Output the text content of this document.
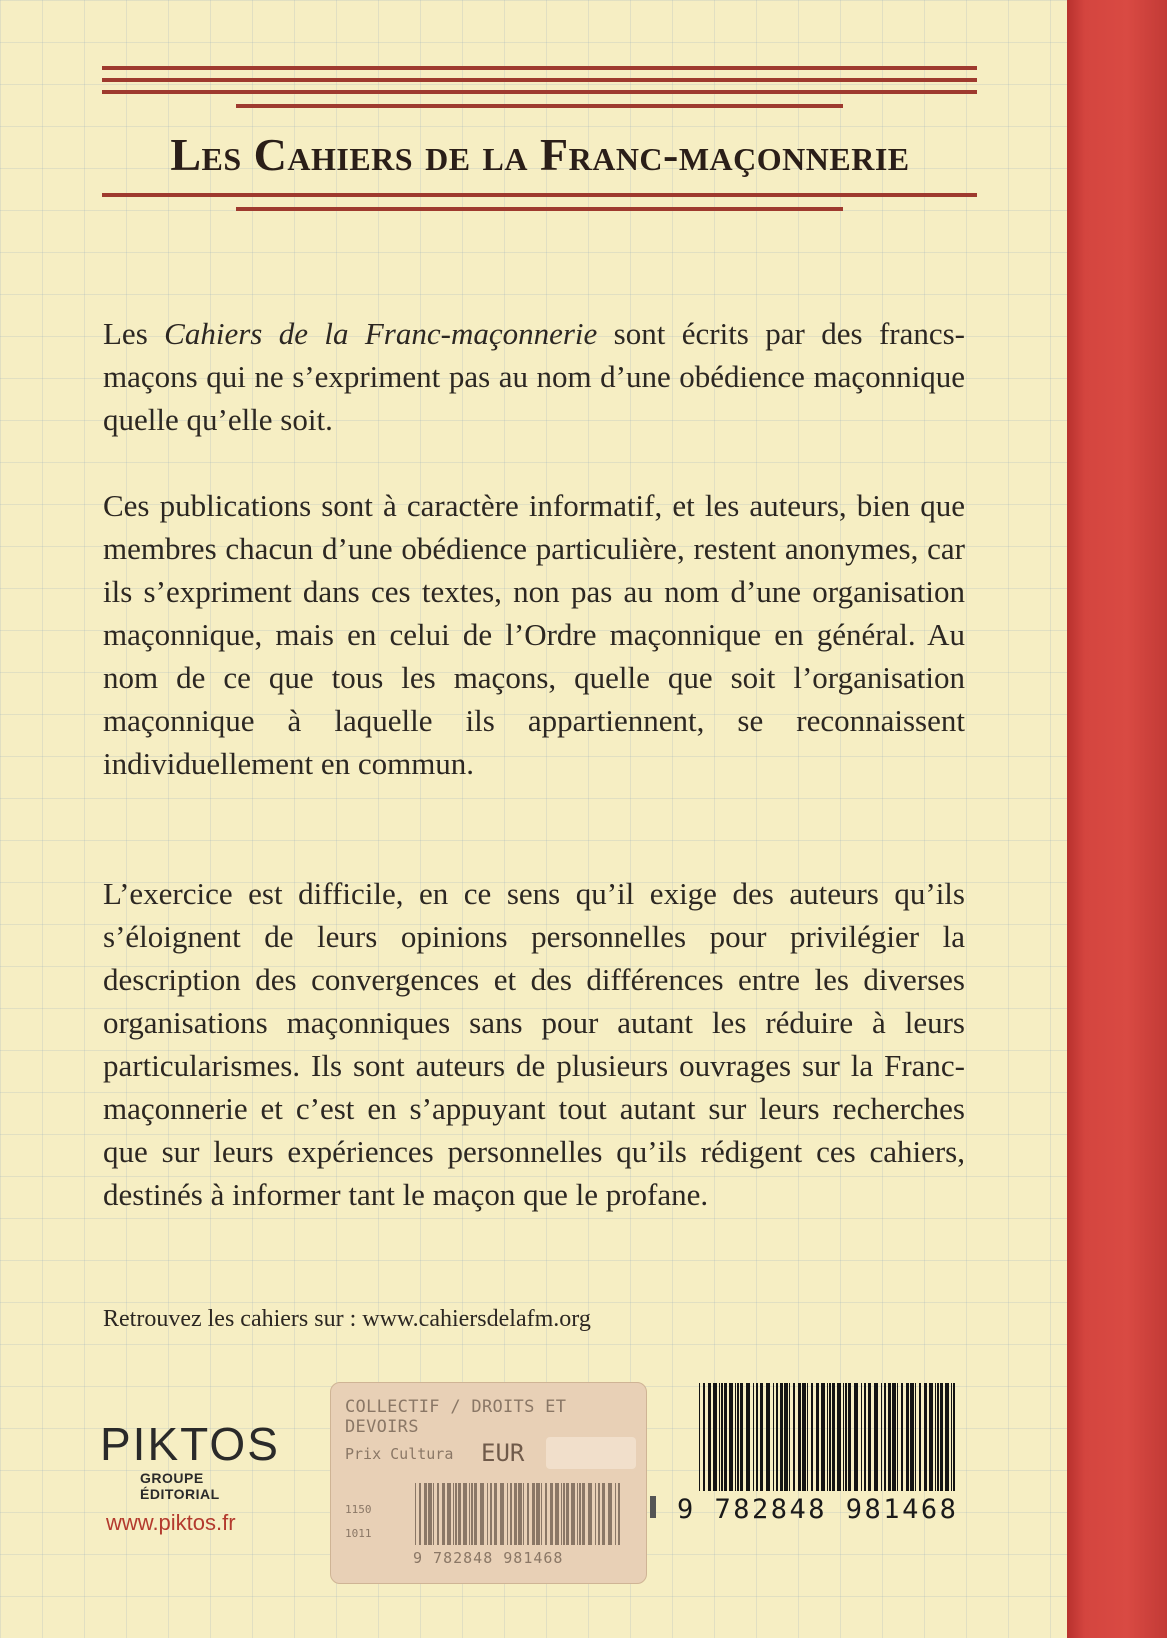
Les Cahiers de la Franc-maçonnerie

Les Cahiers de la Franc-maçonnerie sont écrits par des francs-maçons qui ne s’expriment pas au nom d’une obédience maçonnique quelle qu’elle soit.

Ces publications sont à caractère informatif, et les auteurs, bien que membres chacun d’une obédience particulière, restent anonymes, car ils s’expriment dans ces textes, non pas au nom d’une organisation maçonnique, mais en celui de l’Ordre maçonnique en général. Au nom de ce que tous les maçons, quelle que soit l’organisation maçonnique à laquelle ils appartiennent, se reconnaissent individuellement en commun.

L’exercice est difficile, en ce sens qu’il exige des auteurs qu’ils s’éloignent de leurs opinions personnelles pour privilégier la description des convergences et des différences entre les diverses organisations maçonniques sans pour autant les réduire à leurs particularismes. Ils sont auteurs de plusieurs ouvrages sur la Franc-maçonnerie et c’est en s’appuyant tout autant sur leurs recherches que sur leurs expériences personnelles qu’ils rédigent ces cahiers, destinés à informer tant le maçon que le profane.

Retrouvez les cahiers sur : www.cahiersdelafm.org

PIKTOS
GROUPE ÉDITORIAL
www.piktos.fr
COLLECTIF / DROITS ET DEVOIRS
Prix Cultura EUR
1150
1011
9 782848 981468
9 782848 981468
